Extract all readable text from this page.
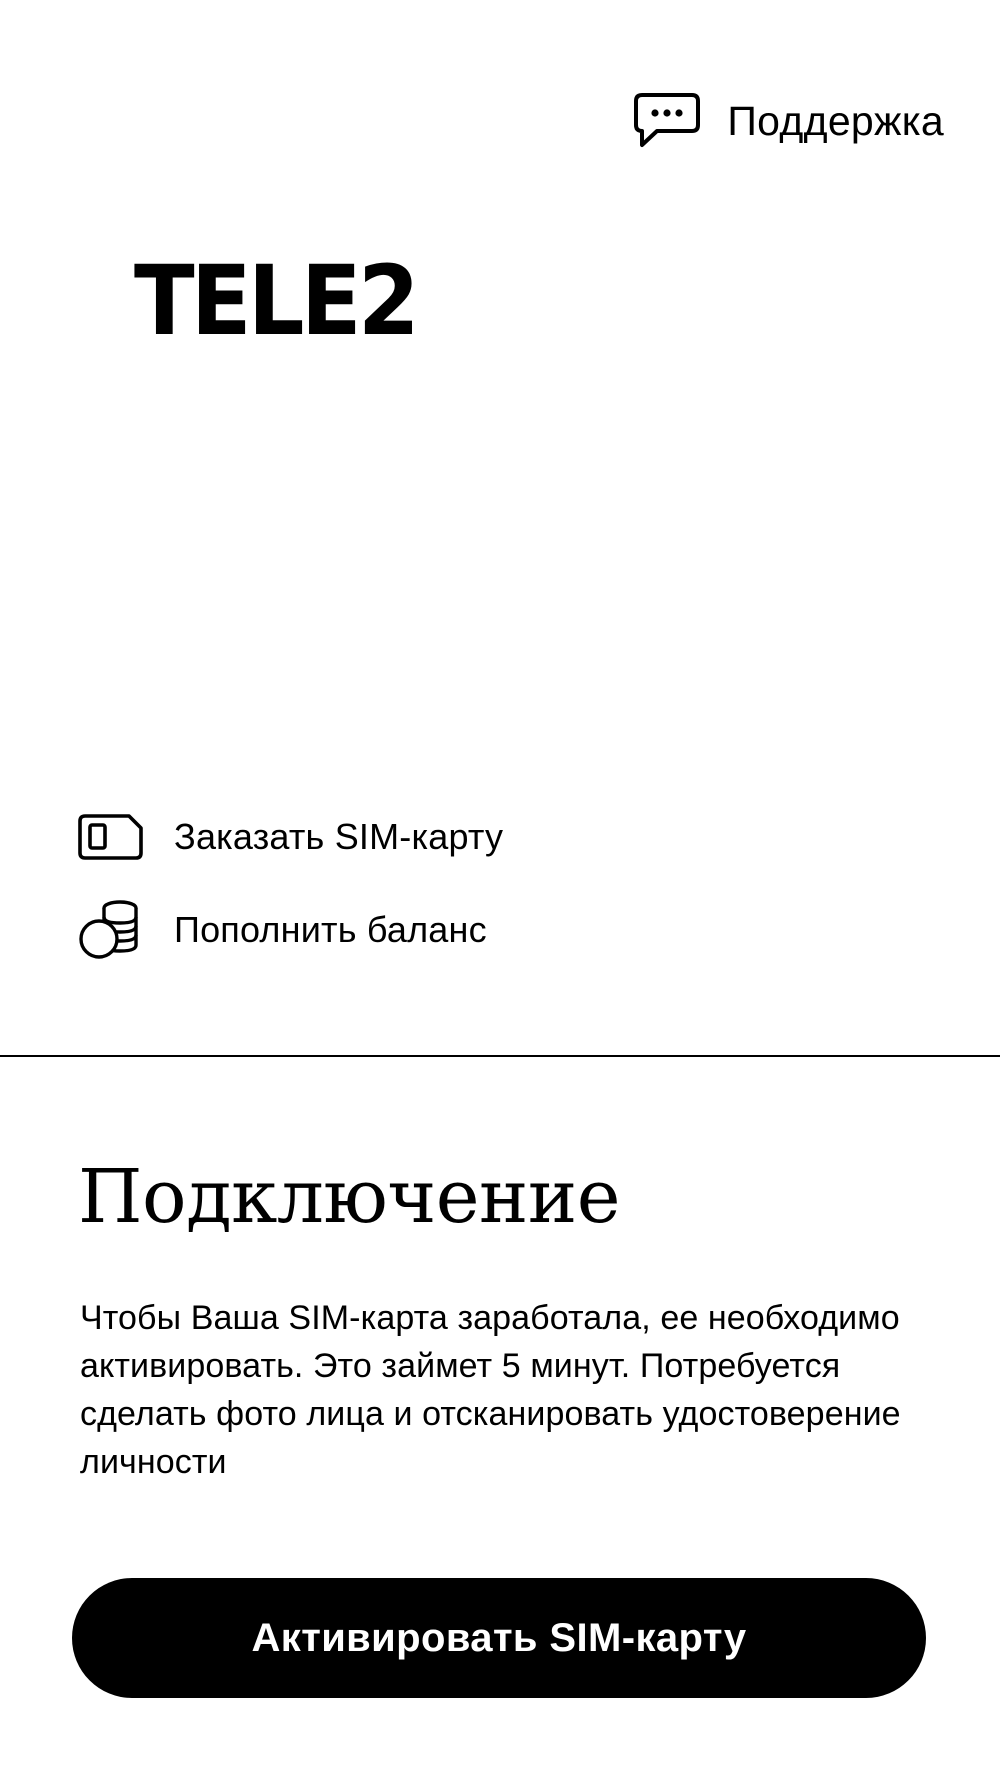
Поддержка
TELE2
Заказать SIM-карту
Пополнить баланс
Подключение

Чтобы Ваша SIM-карта заработала, ее необходимо активировать. Это займет 5 минут. Потребуется сделать фото лица и отсканировать удостоверение личности

Активировать SIM-карту
